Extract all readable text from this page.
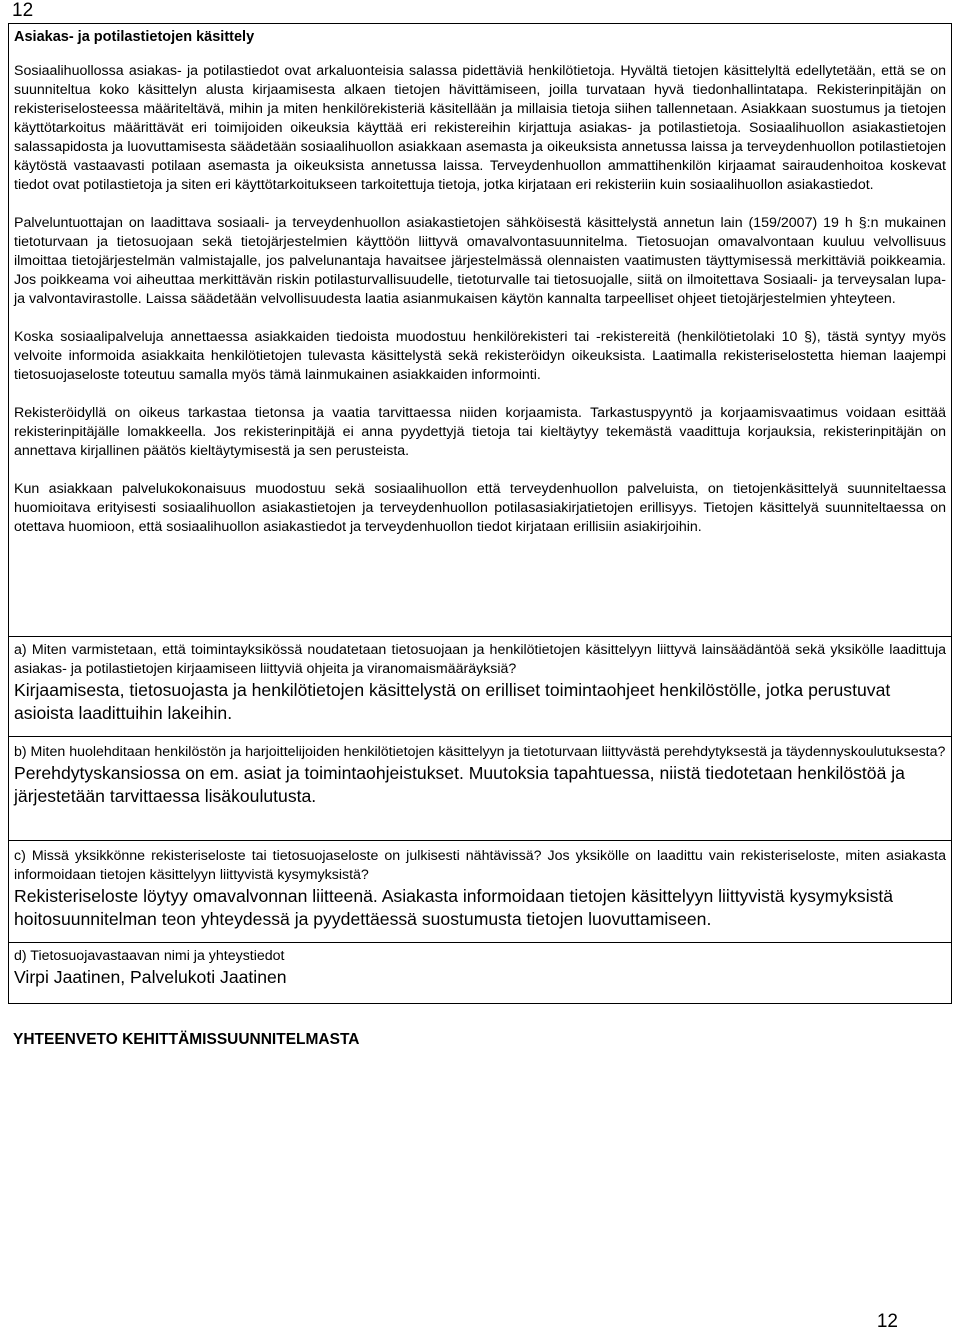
12
Asiakas- ja potilastietojen käsittely

Sosiaalihuollossa asiakas- ja potilastiedot ovat arkaluonteisia salassa pidettäviä henkilötietoja. Hyvältä tietojen käsittelyltä edellytetään, että se on suunniteltua koko käsittelyn alusta kirjaamisesta alkaen tietojen hävittämiseen, joilla turvataan hyvä tiedonhallintatapa. Rekisterinpitäjän on rekisteriselosteessa määriteltävä, mihin ja miten henkilörekisteriä käsitellään ja millaisia tietoja siihen tallennetaan. Asiakkaan suostumus ja tietojen käyttötarkoitus määrittävät eri toimijoiden oikeuksia käyttää eri rekistereihin kirjattuja asiakas- ja potilastietoja. Sosiaalihuollon asiakastietojen salassapidosta ja luovuttamisesta säädetään sosiaalihuollon asiakkaan asemasta ja oikeuksista annetussa laissa ja terveydenhuollon potilastietojen käytöstä vastaavasti potilaan asemasta ja oikeuksista annetussa laissa. Terveydenhuollon ammattihenkilön kirjaamat sairaudenhoitoa koskevat tiedot ovat potilastietoja ja siten eri käyttötarkoitukseen tarkoitettuja tietoja, jotka kirjataan eri rekisteriin kuin sosiaalihuollon asiakastiedot.

Palveluntuottajan on laadittava sosiaali- ja terveydenhuollon asiakastietojen sähköisestä käsittelystä annetun lain (159/2007) 19 h §:n mukainen tietoturvaan ja tietosuojaan sekä tietojärjestelmien käyttöön liittyvä omavalvontasuunnitelma. Tietosuojan omavalvontaan kuuluu velvollisuus ilmoittaa tietojärjestelmän valmistajalle, jos palvelunantaja havaitsee järjestelmässä olennaisten vaatimusten täyttymisessä merkittäviä poikkeamia. Jos poikkeama voi aiheuttaa merkittävän riskin potilasturvallisuudelle, tietoturvalle tai tietosuojalle, siitä on ilmoitettava Sosiaali- ja terveysalan lupa- ja valvontavirastolle. Laissa säädetään velvollisuudesta laatia asianmukaisen käytön kannalta tarpeelliset ohjeet tietojärjestelmien yhteyteen.

Koska sosiaalipalveluja annettaessa asiakkaiden tiedoista muodostuu henkilörekisteri tai -rekistereitä (henkilötietolaki 10 §), tästä syntyy myös velvoite informoida asiakkaita henkilötietojen tulevasta käsittelystä sekä rekisteröidyn oikeuksista. Laatimalla rekisteriselostetta hieman laajempi tietosuojaseloste toteutuu samalla myös tämä lainmukainen asiakkaiden informointi.

Rekisteröidyllä on oikeus tarkastaa tietonsa ja vaatia tarvittaessa niiden korjaamista. Tarkastuspyyntö ja korjaamisvaatimus voidaan esittää rekisterinpitäjälle lomakkeella. Jos rekisterinpitäjä ei anna pyydettyjä tietoja tai kieltäytyy tekemästä vaadittuja korjauksia, rekisterinpitäjän on annettava kirjallinen päätös kieltäytymisestä ja sen perusteista.

Kun asiakkaan palvelukokonaisuus muodostuu sekä sosiaalihuollon että terveydenhuollon palveluista, on tietojenkäsittelyä suunniteltaessa huomioitava erityisesti sosiaalihuollon asiakastietojen ja terveydenhuollon potilasasiakirjatietojen erillisyys. Tietojen käsittelyä suunniteltaessa on otettava huomioon, että sosiaalihuollon asiakastiedot ja terveydenhuollon tiedot kirjataan erillisiin asiakirjoihin.

a) Miten varmistetaan, että toimintayksikössä noudatetaan tietosuojaan ja henkilötietojen käsittelyyn liittyvä lainsäädäntöä sekä yksikölle laadittuja asiakas- ja potilastietojen kirjaamiseen liittyviä ohjeita ja viranomaismääräyksiä?
Kirjaamisesta, tietosuojasta ja henkilötietojen käsittelystä on erilliset toimintaohjeet henkilöstölle, jotka perustuvat asioista laadittuihin lakeihin.
b) Miten huolehditaan henkilöstön ja harjoittelijoiden henkilötietojen käsittelyyn ja tietoturvaan liittyvästä perehdytyksestä ja täydennyskoulutuksesta?
Perehdytyskansiossa on em. asiat ja toimintaohjeistukset. Muutoksia tapahtuessa, niistä tiedotetaan henkilöstöä ja järjestetään tarvittaessa lisäkoulutusta.
c) Missä yksikkönne rekisteriseloste tai tietosuojaseloste on julkisesti nähtävissä? Jos yksikölle on laadittu vain rekisteriseloste, miten asiakasta informoidaan tietojen käsittelyyn liittyvistä kysymyksistä?
Rekisteriseloste löytyy omavalvonnan liitteenä. Asiakasta informoidaan tietojen käsittelyyn liittyvistä kysymyksistä hoitosuunnitelman teon yhteydessä ja pyydettäessä suostumusta tietojen luovuttamiseen.
d) Tietosuojavastaavan nimi ja yhteystiedot
Virpi Jaatinen, Palvelukoti Jaatinen
YHTEENVETO KEHITTÄMISSUUNNITELMASTA
12
